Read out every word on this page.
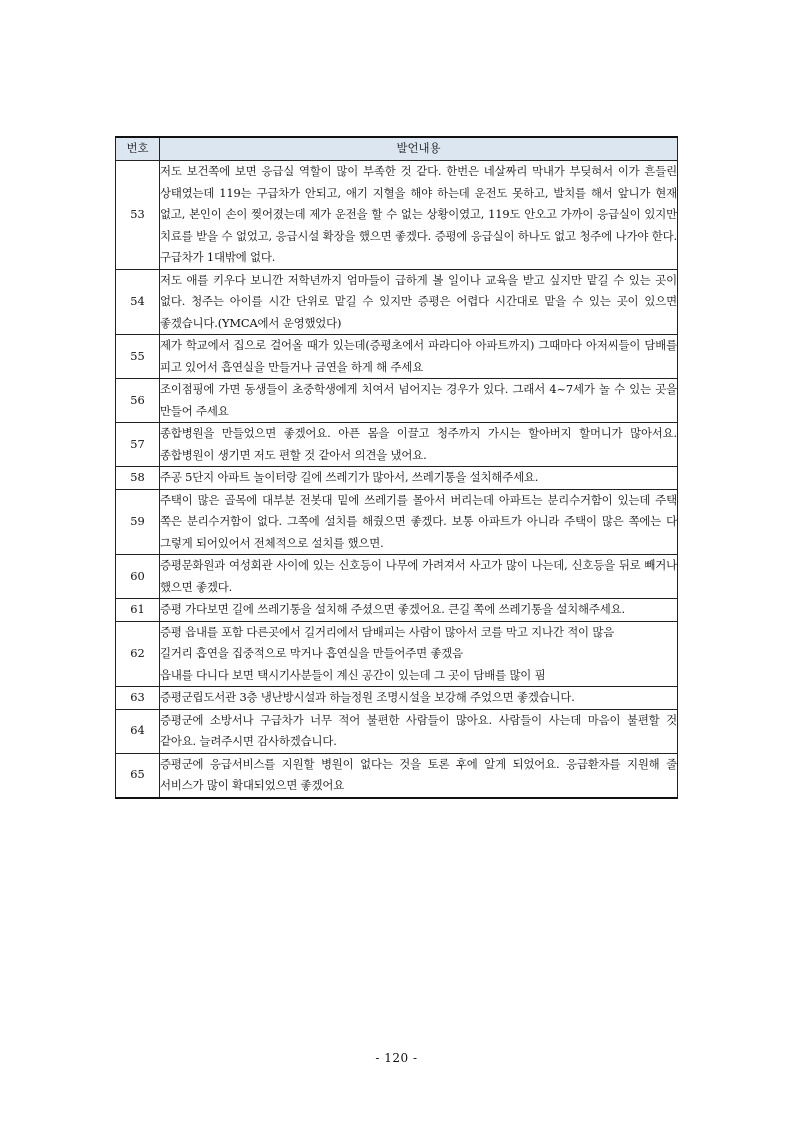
번호	발언내용
53	저도 보건쪽에 보면 응급실 역할이 많이 부족한 것 같다. 한번은 네살짜리 막내가 부딪혀서 이가 흔들린 상태였는데 119는 구급차가 안되고, 애기 지혈을 해야 하는데 운전도 못하고, 발치를 해서 앞니가 현재 없고, 본인이 손이 찢어졌는데 제가 운전을 할 수 없는 상황이였고, 119도 안오고 가까이 응급실이 있지만 치료를 받을 수 없었고, 응급시설 확장을 했으면 좋겠다. 증평에 응급실이 하나도 없고 청주에 나가야 한다. 구급차가 1대밖에 없다.
54	저도 애를 키우다 보니깐 저학년까지 엄마들이 급하게 볼 일이나 교육을 받고 싶지만 맡길 수 있는 곳이 없다. 청주는 아이를 시간 단위로 맡길 수 있지만 증평은 어렵다 시간대로 맡을 수 있는 곳이 있으면 좋겠습니다.(YMCA에서 운영했었다)
55	제가 학교에서 집으로 걸어올 때가 있는데(증평초에서 파라디아 아파트까지) 그때마다 아저씨들이 담배를 피고 있어서 흡연실을 만들거나 금연을 하게 해 주세요
56	조이점핑에 가면 동생들이 초중학생에게 치여서 넘어지는 경우가 있다. 그래서 4~7세가 놀 수 있는 곳을 만들어 주세요
57	종합병원을 만들었으면 좋겠어요. 아픈 몸을 이끌고 청주까지 가시는 할아버지 할머니가 많아서요. 종합병원이 생기면 저도 편할 것 같아서 의견을 냈어요.
58	주공 5단지 아파트 놀이터랑 길에 쓰레기가 많아서, 쓰레기통을 설치해주세요.
59	주택이 많은 골목에 대부분 전봇대 밑에 쓰레기를 몰아서 버리는데 아파트는 분리수거함이 있는데 주택 쪽은 분리수거함이 없다. 그쪽에 설치를 해줬으면 좋겠다. 보통 아파트가 아니라 주택이 많은 쪽에는 다 그렇게 되어있어서 전체적으로 설치를 했으면.
60	증평문화원과 여성회관 사이에 있는 신호등이 나무에 가려져서 사고가 많이 나는데, 신호등을 뒤로 빼거나 했으면 좋겠다.
61	증평 가다보면 길에 쓰레기통을 설치해 주셨으면 좋겠어요. 큰길 쪽에 쓰레기통을 설치해주세요.
62	증평 읍내를 포함 다른곳에서 길거리에서 담배피는 사람이 많아서 코를 막고 지나간 적이 많음
길거리 흡연을 집중적으로 막거나 흡연실을 만들어주면 좋겠음
읍내를 다니다 보면 택시기사분들이 계신 공간이 있는데 그 곳이 담배를 많이 핌

63	증평군립도서관 3층 냉난방시설과 하늘정원 조명시설을 보강해 주었으면 좋겠습니다.
64	증평군에 소방서나 구급차가 너무 적어 불편한 사람들이 많아요. 사람들이 사는데 마음이 불편할 것 같아요. 늘려주시면 감사하겠습니다.
65	증평군에 응급서비스를 지원할 병원이 없다는 것을 토론 후에 알게 되었어요. 응급환자를 지원해 줄 서비스가 많이 확대되었으면 좋겠어요
- 120 -
